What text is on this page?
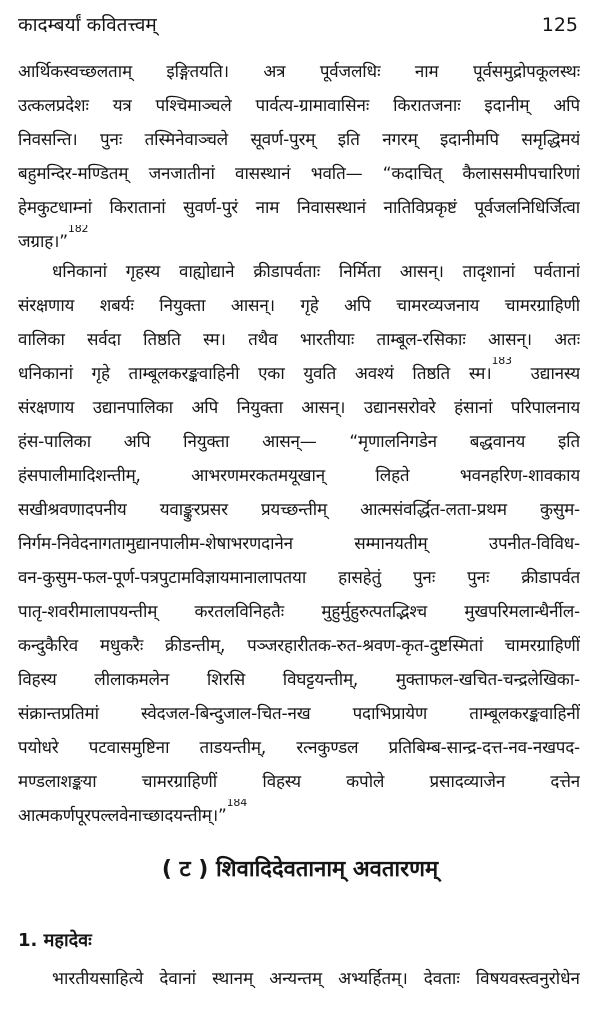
कादम्बर्यां कवितत्त्वम्	125
आर्थिकस्वच्छलताम् इङ्गितयति। अत्र पूर्वजलधिः नाम पूर्वसमुद्रोपकूलस्थः
उत्कलप्रदेशः यत्र पश्चिमाञ्चले पार्वत्य-ग्रामावासिनः किरातजनाः इदानीम् अपि
निवसन्ति। पुनः तस्मिनेवाञ्चले सूवर्ण-पुरम् इति नगरम् इदानीमपि समृद्धिमयं
बहुमन्दिर-मण्डितम् जनजातीनां वासस्थानं भवति— “कदाचित् कैलाससमीपचारिणां
हेमकुटधाम्नां किरातानां सुवर्ण-पुरं नाम निवासस्थानं नातिविप्रकृष्टं पूर्वजलनिधिर्जित्वा
जग्राह।”$^{182}$
धनिकानां गृहस्य वाह्योद्याने क्रीडापर्वताः निर्मिता आसन्। तादृशानां पर्वतानां
संरक्षणाय शबर्यः नियुक्ता आसन्। गृहे अपि चामरव्यजनाय चामरग्राहिणी
वालिका सर्वदा तिष्ठति स्म। तथैव भारतीयाः ताम्बूल-रसिकाः आसन्। अतः
धनिकानां गृहे ताम्बूलकरङ्कवाहिनी एका युवति अवश्यं तिष्ठति स्म।$^{183}$ उद्यानस्य
संरक्षणाय उद्यानपालिका अपि नियुक्ता आसन्। उद्यानसरोवरे हंसानां परिपालनाय
हंस-पालिका अपि नियुक्ता आसन्— “मृणालनिगडेन बद्धवानय इति
हंसपालीमादिशन्तीम्, आभरणमरकतमयूखान् लिहते भवनहरिण-शावकाय
सखीश्रवणादपनीय यवाङ्कुरप्रसर प्रयच्छन्तीम् आत्मसंवर्द्धित-लता-प्रथम कुसुम-
निर्गम-निवेदनागतामुद्यानपालीम-शेषाभरणदानेन सम्मानयतीम् उपनीत-विविध-
वन-कुसुम-फल-पूर्ण-पत्रपुटामविज्ञायमानालापतया हासहेतुं पुनः पुनः क्रीडापर्वत
पातृ-शवरीमालापयन्तीम् करतलविनिहतैः मुहुर्मुहुरुत्पतद्भिश्च मुखपरिमलान्धैर्नील-
कन्दुकैरिव मधुकरैः क्रीडन्तीम्, पञ्जरहारीतक-रुत-श्रवण-कृत-दुष्टस्मितां चामरग्राहिणीं
विहस्य लीलाकमलेन शिरसि विघट्टयन्तीम्, मुक्ताफल-खचित-चन्द्रलेखिका-
संक्रान्तप्रतिमां स्वेदजल-बिन्दुजाल-चित-नख पदाभिप्रायेण ताम्बूलकरङ्कवाहिनीं
पयोधरे पटवासमुष्टिना ताडयन्तीम्, रत्नकुण्डल प्रतिबिम्ब-सान्द्र-दत्त-नव-नखपद-
मण्डलाशङ्कया चामरग्राहिणीं विहस्य कपोले प्रसादव्याजेन दत्तेन
आत्मकर्णपूरपल्लवेनाच्छादयन्तीम्।”$^{184}$
( ट ) शिवादिदेवतानाम् अवतारणम्
1. महादेवः
भारतीयसाहित्ये देवानां स्थानम् अन्यन्तम् अभ्यर्हितम्। देवताः विषयवस्त्वनुरोधेन
